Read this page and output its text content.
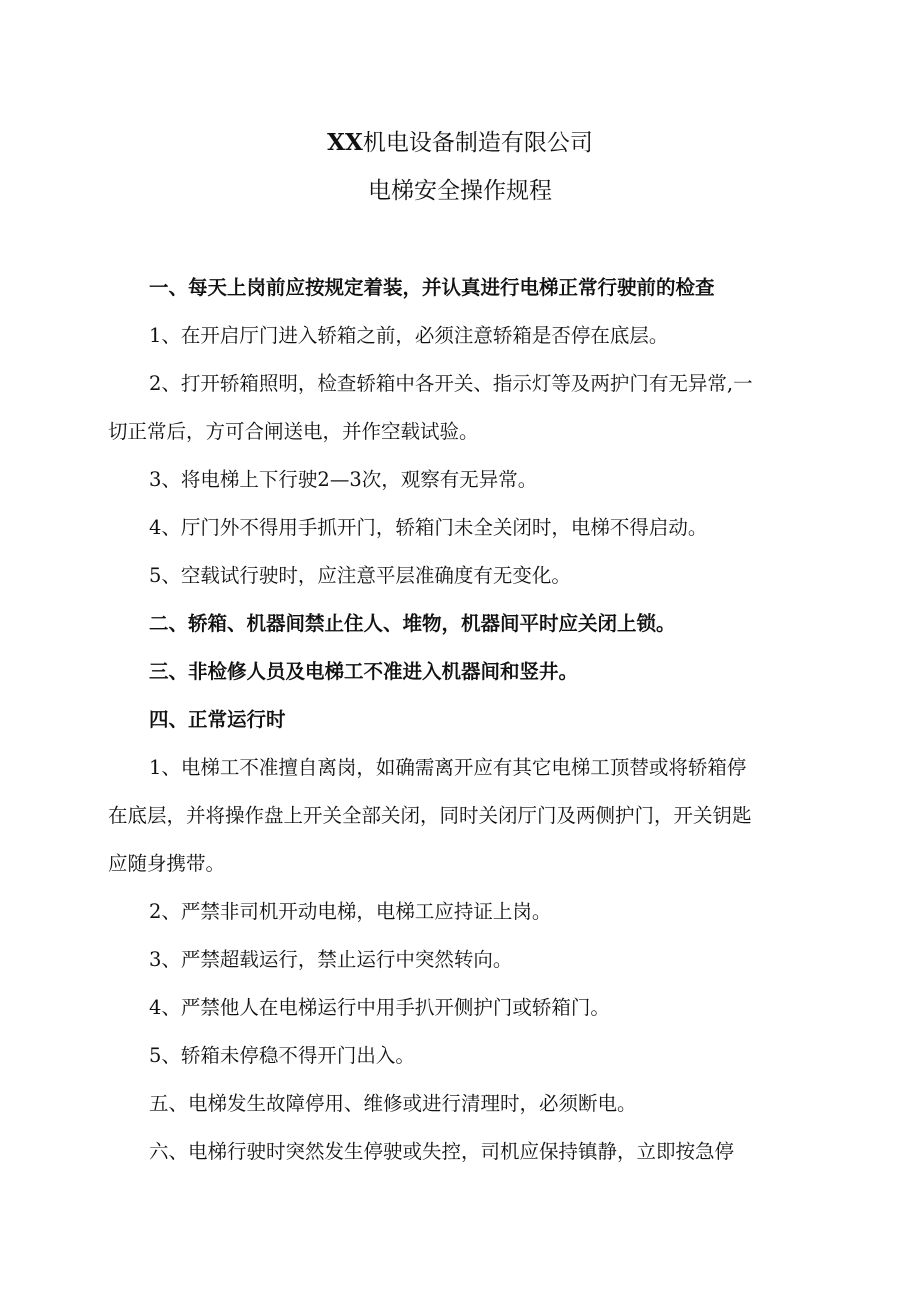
XX机电设备制造有限公司
电梯安全操作规程
一、每天上岗前应按规定着装，并认真进行电梯正常行驶前的检查
1、在开启厅门进入轿箱之前，必须注意轿箱是否停在底层。
2、打开轿箱照明，检查轿箱中各开关、指示灯等及两护门有无异常,一
切正常后，方可合闸送电，并作空载试验。
3、将电梯上下行驶2—3次，观察有无异常。
4、厅门外不得用手抓开门，轿箱门未全关闭时，电梯不得启动。
5、空载试行驶时，应注意平层准确度有无变化。
二、轿箱、机器间禁止住人、堆物，机器间平时应关闭上锁。
三、非检修人员及电梯工不准进入机器间和竖井。
四、正常运行时
1、电梯工不准擅自离岗，如确需离开应有其它电梯工顶替或将轿箱停
在底层，并将操作盘上开关全部关闭，同时关闭厅门及两侧护门，开关钥匙
应随身携带。
2、严禁非司机开动电梯，电梯工应持证上岗。
3、严禁超载运行，禁止运行中突然转向。
4、严禁他人在电梯运行中用手扒开侧护门或轿箱门。
5、轿箱未停稳不得开门出入。
五、电梯发生故障停用、维修或进行清理时，必须断电。
六、电梯行驶时突然发生停驶或失控，司机应保持镇静，立即按急停
